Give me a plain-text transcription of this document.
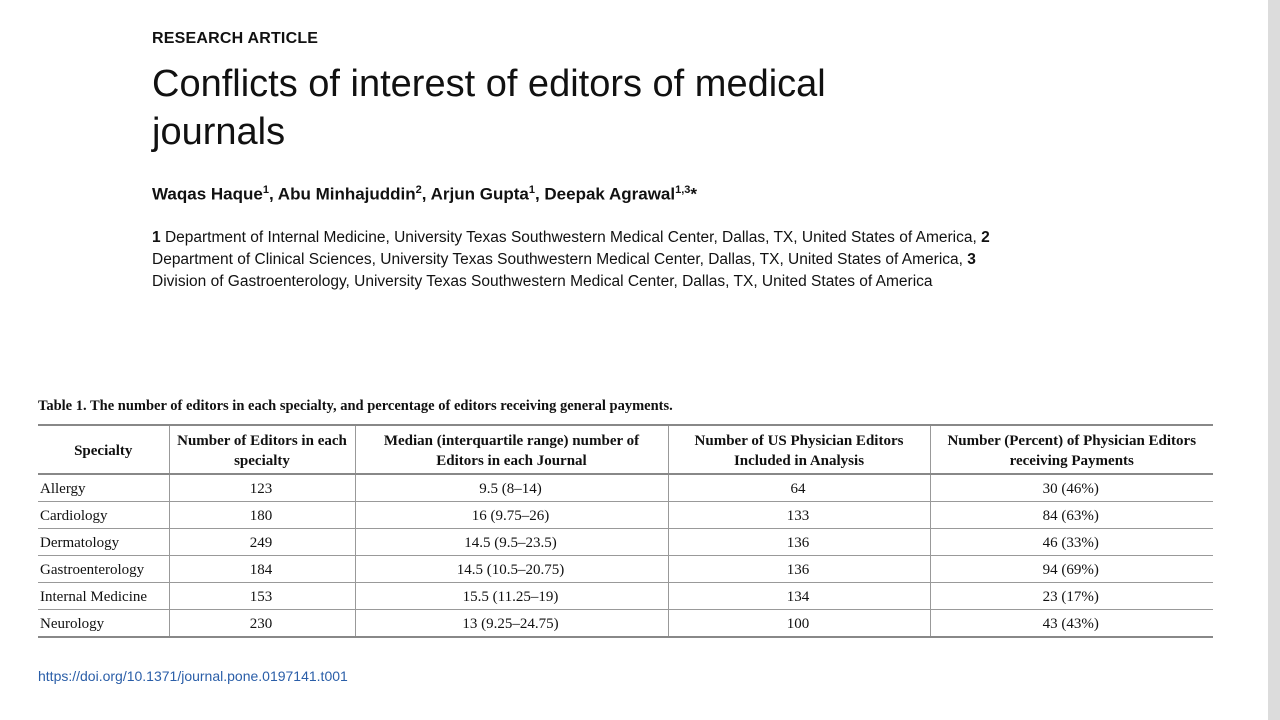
RESEARCH ARTICLE

Conflicts of interest of editors of medical journals

Waqas Haque$^1$, Abu Minhajuddin$^2$, Arjun Gupta$^1$, Deepak Agrawal$^{1,3}$*

1 Department of Internal Medicine, University Texas Southwestern Medical Center, Dallas, TX, United States of America, 2 Department of Clinical Sciences, University Texas Southwestern Medical Center, Dallas, TX, United States of America, 3 Division of Gastroenterology, University Texas Southwestern Medical Center, Dallas, TX, United States of America

Table 1. The number of editors in each specialty, and percentage of editors receiving general payments.
Specialty	Number of Editors in each specialty	Median (interquartile range) number of Editors in each Journal	Number of US Physician Editors Included in Analysis	Number (Percent) of Physician Editors receiving Payments
Allergy	123	9.5 (8–14)	64	30 (46%)
Cardiology	180	16 (9.75–26)	133	84 (63%)
Dermatology	249	14.5 (9.5–23.5)	136	46 (33%)
Gastroenterology	184	14.5 (10.5–20.75)	136	94 (69%)
Internal Medicine	153	15.5 (11.25–19)	134	23 (17%)
Neurology	230	13 (9.25–24.75)	100	43 (43%)
https://doi.org/10.1371/journal.pone.0197141.t001
